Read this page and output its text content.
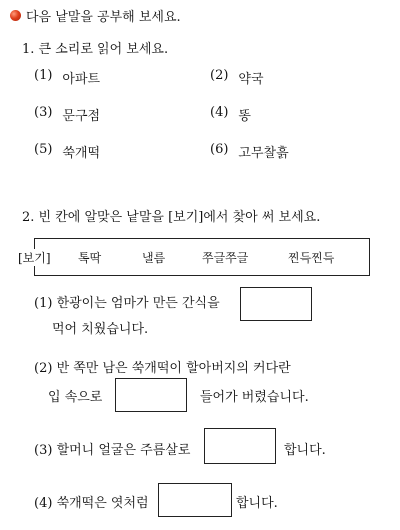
다음 낱말을 공부해 보세요.
1. 큰 소리로 읽어 보세요.
(1) 아파트	(2) 약국
(3) 문구점	(4) 똥
(5) 쑥개떡	(6) 고무찰흙
2. 빈 칸에 알맞은 낱말을 [보기]에서 찾아 써 보세요.
[보기] 톡딱	낼름	쭈글쭈글	찐득찐득
(1) 한광이는 엄마가 만든 간식을
먹어 치웠습니다.
(2) 반 쪽만 남은 쑥개떡이 할아버지의 커다란
입 속으로	들어가 버렸습니다.
(3) 할머니 얼굴은 주름살로	합니다.
(4) 쑥개떡은 엿처럼	합니다.
